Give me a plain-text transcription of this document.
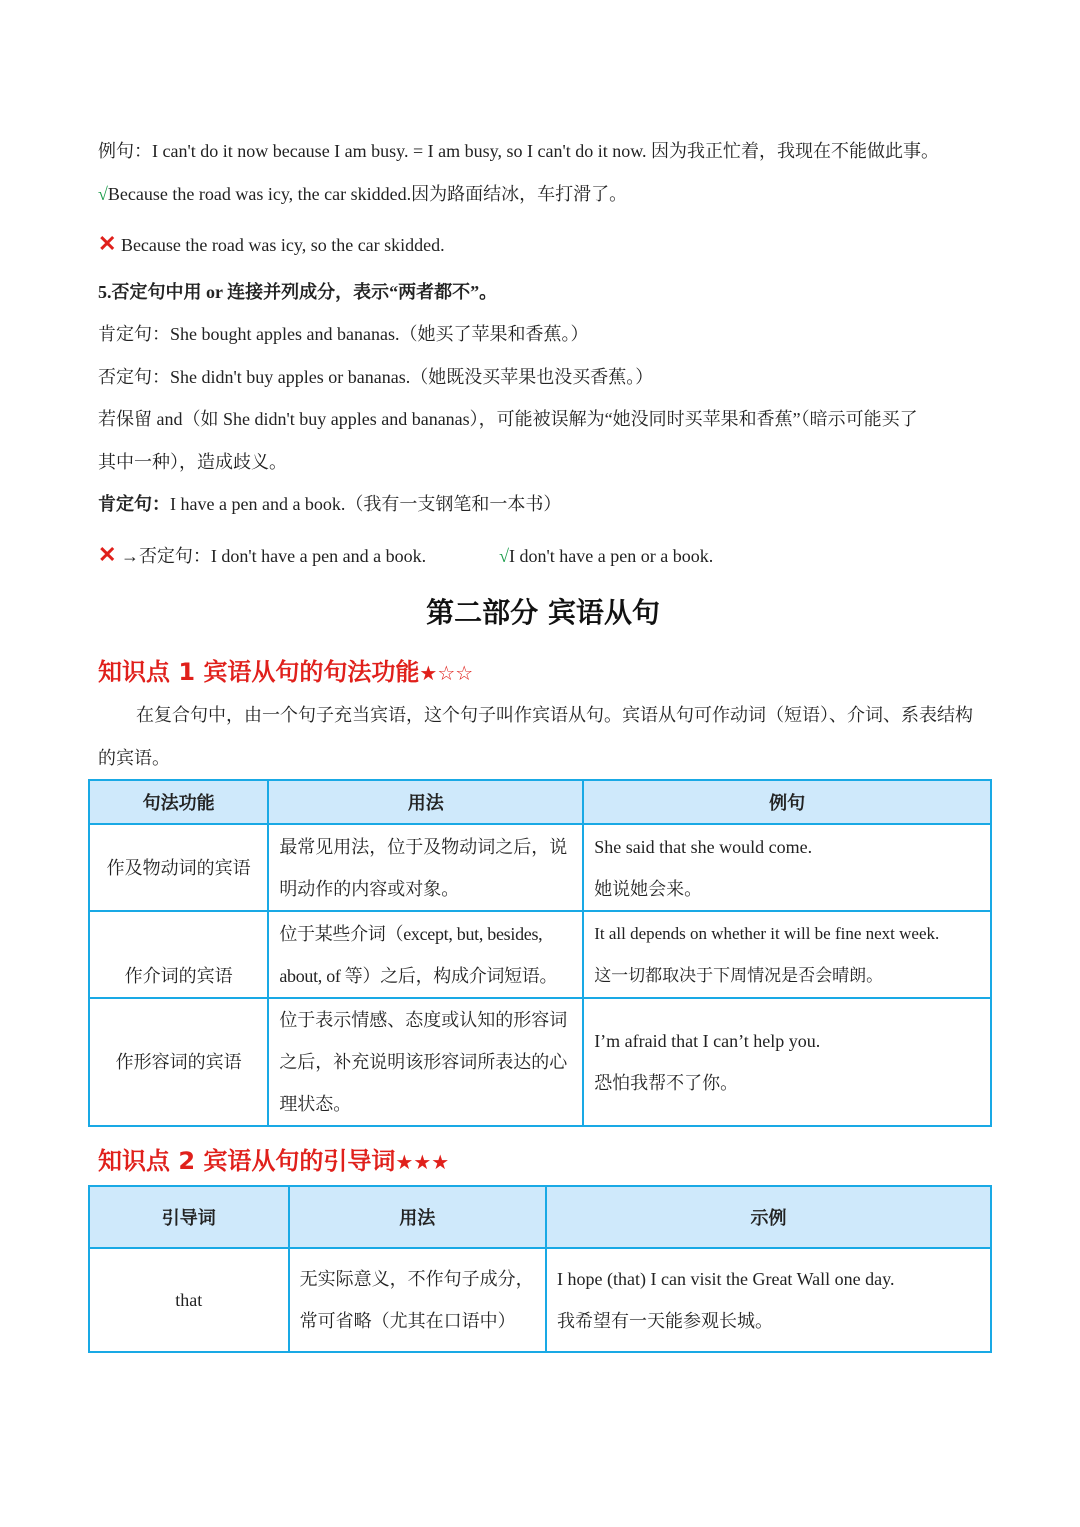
例句：I can't do it now because I am busy. = I am busy, so I can't do it now. 因为我正忙着，我现在不能做此事。
√Because the road was icy, the car skidded.因为路面结冰，车打滑了。
✕ Because the road was icy, so the car skidded.
5.否定句中用 or 连接并列成分，表示“两者都不”。
肯定句：She bought apples and bananas.（她买了苹果和香蕉。）
否定句：She didn't buy apples or bananas.（她既没买苹果也没买香蕉。）
若保留 and（如 She didn't buy apples and bananas），可能被误解为“她没同时买苹果和香蕉”（暗示可能买了
其中一种），造成歧义。
肯定句：I have a pen and a book.（我有一支钢笔和一本书）
✕ →否定句：I don't have a pen and a book.	√I don't have a pen or a book.
第二部分 宾语从句
知识点 1 宾语从句的句法功能★☆☆
在复合句中，由一个句子充当宾语，这个句子叫作宾语从句。宾语从句可作动词（短语）、介词、系表结构的宾语。
句法功能	用法	例句
作及物动词的宾语	最常见用法，位于及物动词之后，说明动作的内容或对象。	She said that she would come.
她说她会来。

作介词的宾语	位于某些介词（except, but, besides, about, of 等）之后，构成介词短语。	It all depends on whether it will be fine next week.
这一切都取决于下周情况是否会晴朗。

作形容词的宾语	位于表示情感、态度或认知的形容词之后，补充说明该形容词所表达的心理状态。	I’m afraid that I can’t help you.
恐怕我帮不了你。
知识点 2 宾语从句的引导词★★★
引导词	用法	示例
that	无实际意义，不作句子成分，常可省略（尤其在口语中）	I hope (that) I can visit the Great Wall one day.
我希望有一天能参观长城。
